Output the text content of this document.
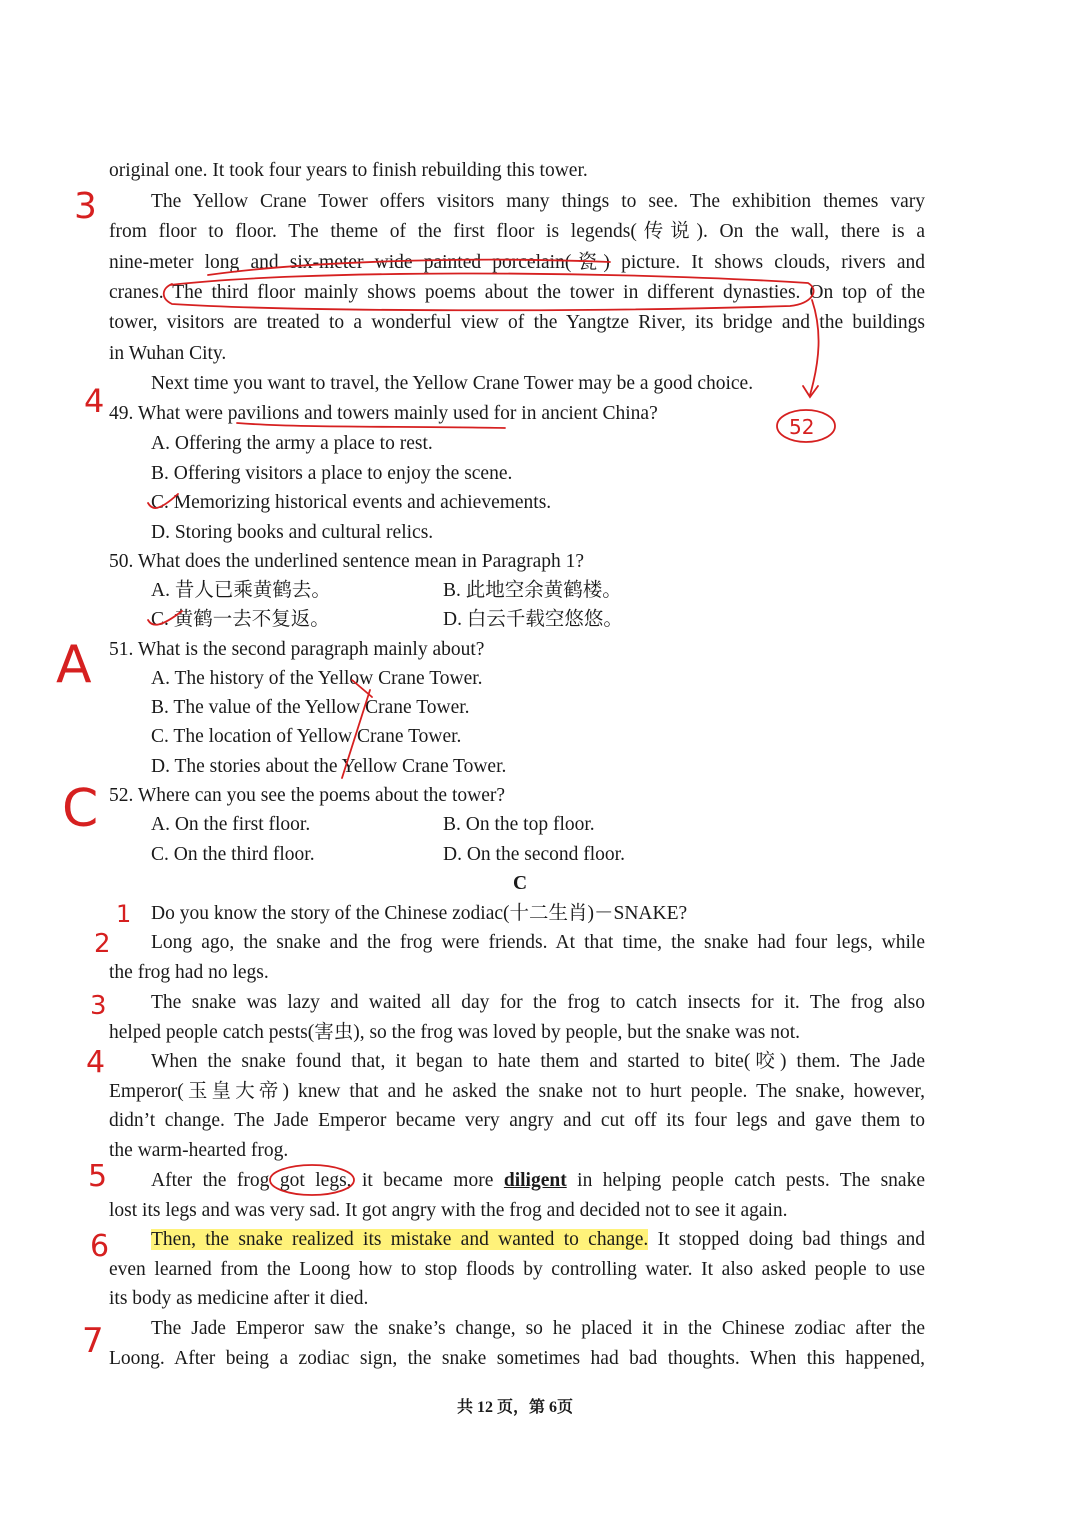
original one. It took four years to finish rebuilding this tower.
The Yellow Crane Tower offers visitors many things to see. The exhibition themes vary
from floor to floor. The theme of the first floor is legends(传说). On the wall, there is a
nine-meter long and six-meter wide painted porcelain(瓷) picture. It shows clouds, rivers and
cranes. The third floor mainly shows poems about the tower in different dynasties. On top of the
tower, visitors are treated to a wonderful view of the Yangtze River, its bridge and the buildings
in Wuhan City.
Next time you want to travel, the Yellow Crane Tower may be a good choice.
49. What were pavilions and towers mainly used for in ancient China?
A. Offering the army a place to rest.
B. Offering visitors a place to enjoy the scene.
C. Memorizing historical events and achievements.
D. Storing books and cultural relics.
50. What does the underlined sentence mean in Paragraph 1?
A. 昔人已乘黄鹤去。	B. 此地空余黄鹤楼。
C. 黄鹤一去不复返。	D. 白云千载空悠悠。
51. What is the second paragraph mainly about?
A. The history of the Yellow Crane Tower.
B. The value of the Yellow Crane Tower.
C. The location of Yellow Crane Tower.
D. The stories about the Yellow Crane Tower.
52. Where can you see the poems about the tower?
A. On the first floor.	B. On the top floor.
C. On the third floor.	D. On the second floor.
C
Do you know the story of the Chinese zodiac(十二生肖)－SNAKE?
Long ago, the snake and the frog were friends. At that time, the snake had four legs, while
the frog had no legs.
The snake was lazy and waited all day for the frog to catch insects for it. The frog also
helped people catch pests(害虫), so the frog was loved by people, but the snake was not.
When the snake found that, it began to hate them and started to bite(咬) them. The Jade
Emperor(玉皇大帝) knew that and he asked the snake not to hurt people. The snake, however,
didn’t change. The Jade Emperor became very angry and cut off its four legs and gave them to
the warm-hearted frog.
After the frog got legs, it became more diligent in helping people catch pests. The snake
lost its legs and was very sad. It got angry with the frog and decided not to see it again.
Then, the snake realized its mistake and wanted to change. It stopped doing bad things and
even learned from the Loong how to stop floods by controlling water. It also asked people to use
its body as medicine after it died.
The Jade Emperor saw the snake’s change, so he placed it in the Chinese zodiac after the
Loong. After being a zodiac sign, the snake sometimes had bad thoughts. When this happened,
共 12 页，第 6页
3
4
A
C
52
1
2
3
4
5
6
7
